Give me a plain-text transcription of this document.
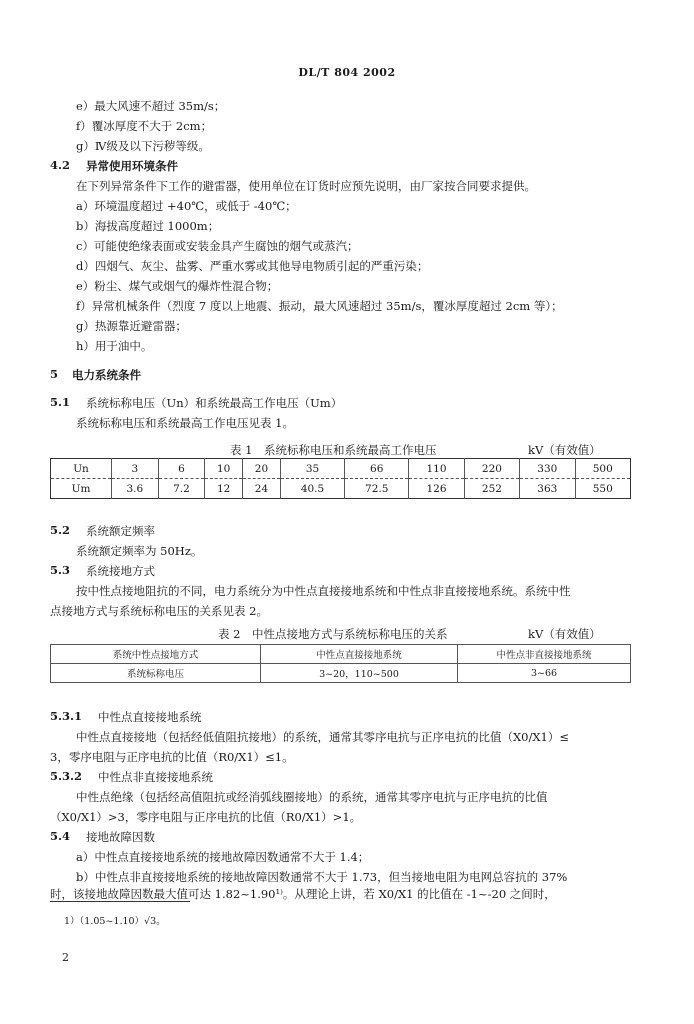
DL/T 804 2002
e）最大风速不超过 35m/s；
f）覆冰厚度不大于 2cm；
g）Ⅳ级及以下污秽等级。
4.2 异常使用环境条件
在下列异常条件下工作的避雷器，使用单位在订货时应预先说明，由厂家按合同要求提供。
a）环境温度超过 +40℃，或低于 -40℃；
b）海拔高度超过 1000m；
c）可能使绝缘表面或安装金具产生腐蚀的烟气或蒸汽；
d）四烟气、灰尘、盐雾、严重水雾或其他导电物质引起的严重污染；
e）粉尘、煤气或烟气的爆炸性混合物；
f）异常机械条件（烈度 7 度以上地震、振动，最大风速超过 35m/s，覆冰厚度超过 2cm 等）；
g）热源靠近避雷器；
h）用于油中。
5 电力系统条件
5.1 系统标称电压（Un）和系统最高工作电压（Um）
系统标称电压和系统最高工作电压见表 1。
表 1　系统标称电压和系统最高工作电压	kV（有效值）
Un	3	6	10	20	35	66	110	220	330	500
Um	3.6	7.2	12	24	40.5	72.5	126	252	363	550
5.2 系统额定频率
系统额定频率为 50Hz。
5.3 系统接地方式
按中性点接地阻抗的不同，电力系统分为中性点直接接地系统和中性点非直接接地系统。系统中性
点接地方式与系统标称电压的关系见表 2。
表 2　中性点接地方式与系统标称电压的关系	kV（有效值）
系统中性点接地方式	中性点直接接地系统	中性点非直接接地系统
系统标称电压	3~20，110~500	3~66
5.3.1 中性点直接接地系统
中性点直接接地（包括经低值阻抗接地）的系统，通常其零序电抗与正序电抗的比值（X0/X1）≤
3，零序电阻与正序电抗的比值（R0/X1）≤1。
5.3.2 中性点非直接接地系统
中性点绝缘（包括经高值阻抗或经消弧线圈接地）的系统，通常其零序电抗与正序电抗的比值
（X0/X1）>3，零序电阻与正序电抗的比值（R0/X1）>1。
5.4 接地故障因数
a）中性点直接接地系统的接地故障因数通常不大于 1.4；
b）中性点非直接接地系统的接地故障因数通常不大于 1.73，但当接地电阻为电网总容抗的 37%
时，该接地故障因数最大值可达 1.82~1.90¹⁾。从理论上讲，若 X0/X1 的比值在 -1~-20 之间时，
1）（1.05~1.10）√3。
2
